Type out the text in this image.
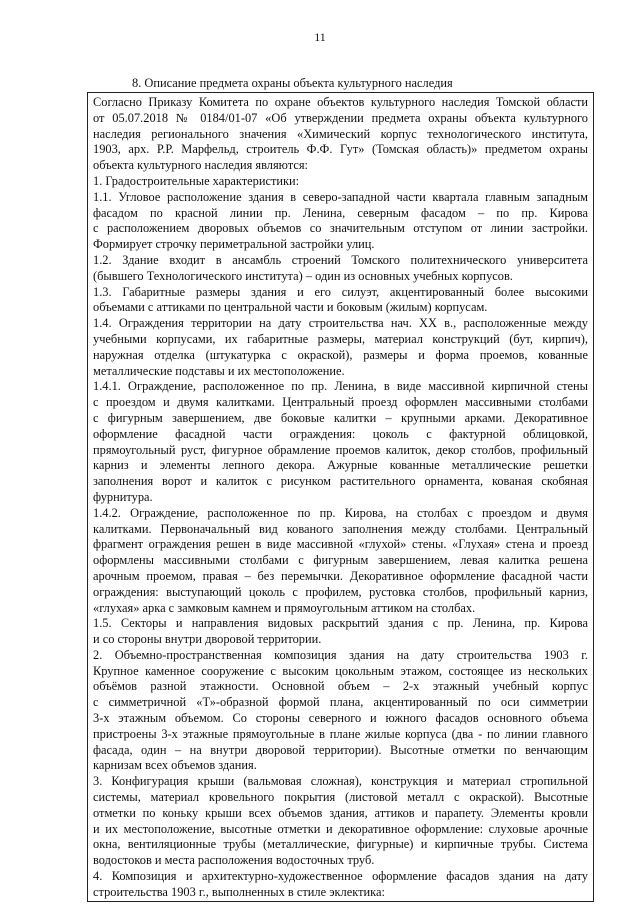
11
8. Описание предмета охраны объекта культурного наследия

Согласно Приказу Комитета по охране объектов культурного наследия Томской области
от 05.07.2018 № 0184/01-07 «Об утверждении предмета охраны объекта культурного
наследия регионального значения «Химический корпус технологического института,
1903, арх. Р.Р. Марфельд, строитель Ф.Ф. Гут» (Томская область)» предметом охраны
объекта культурного наследия являются:

1. Градостроительные характеристики:

1.1. Угловое расположение здания в северо-западной части квартала главным западным
фасадом по красной линии пр. Ленина, северным фасадом – по пр. Кирова
с расположением дворовых объемов со значительным отступом от линии застройки.
Формирует строчку периметральной застройки улиц.

1.2. Здание входит в ансамбль строений Томского политехнического университета
(бывшего Технологического института) – один из основных учебных корпусов.

1.3. Габаритные размеры здания и его силуэт, акцентированный более высокими
объемами с аттиками по центральной части и боковым (жилым) корпусам.

1.4. Ограждения территории на дату строительства нач. XX в., расположенные между
учебными корпусами, их габаритные размеры, материал конструкций (бут, кирпич),
наружная отделка (штукатурка с окраской), размеры и форма проемов, кованные
металлические подставы и их местоположение.

1.4.1. Ограждение, расположенное по пр. Ленина, в виде массивной кирпичной стены
с проездом и двумя калитками. Центральный проезд оформлен массивными столбами
с фигурным завершением, две боковые калитки – крупными арками. Декоративное
оформление фасадной части ограждения: цоколь с фактурной облицовкой,
прямоугольный руст, фигурное обрамление проемов калиток, декор столбов, профильный
карниз и элементы лепного декора. Ажурные кованные металлические решетки
заполнения ворот и калиток с рисунком растительного орнамента, кованая скобяная
фурнитура.

1.4.2. Ограждение, расположенное по пр. Кирова, на столбах с проездом и двумя
калитками. Первоначальный вид кованого заполнения между столбами. Центральный
фрагмент ограждения решен в виде массивной «глухой» стены. «Глухая» стена и проезд
оформлены массивными столбами с фигурным завершением, левая калитка решена
арочным проемом, правая – без перемычки. Декоративное оформление фасадной части
ограждения: выступающий цоколь с профилем, рустовка столбов, профильный карниз,
«глухая» арка с замковым камнем и прямоугольным аттиком на столбах.

1.5. Секторы и направления видовых раскрытий здания с пр. Ленина, пр. Кирова
и со стороны внутри дворовой территории.

2. Объемно-пространственная композиция здания на дату строительства 1903 г.
Крупное каменное сооружение с высоким цокольным этажом, состоящее из нескольких
объёмов разной этажности. Основной объем – 2-х этажный учебный корпус
с симметричной «Т»-образной формой плана, акцентированный по оси симметрии
3-х этажным объемом. Со стороны северного и южного фасадов основного объема
пристроены 3-х этажные прямоугольные в плане жилые корпуса (два - по линии главного
фасада, один – на внутри дворовой территории). Высотные отметки по венчающим
карнизам всех объемов здания.

3. Конфигурация крыши (вальмовая сложная), конструкция и материал стропильной
системы, материал кровельного покрытия (листовой металл с окраской). Высотные
отметки по коньку крыши всех объемов здания, аттиков и парапету. Элементы кровли
и их местоположение, высотные отметки и декоративное оформление: слуховые арочные
окна, вентиляционные трубы (металлические, фигурные) и кирпичные трубы. Система
водостоков и места расположения водосточных труб.

4. Композиция и архитектурно-художественное оформление фасадов здания на дату
строительства 1903 г., выполненных в стиле эклектика:
